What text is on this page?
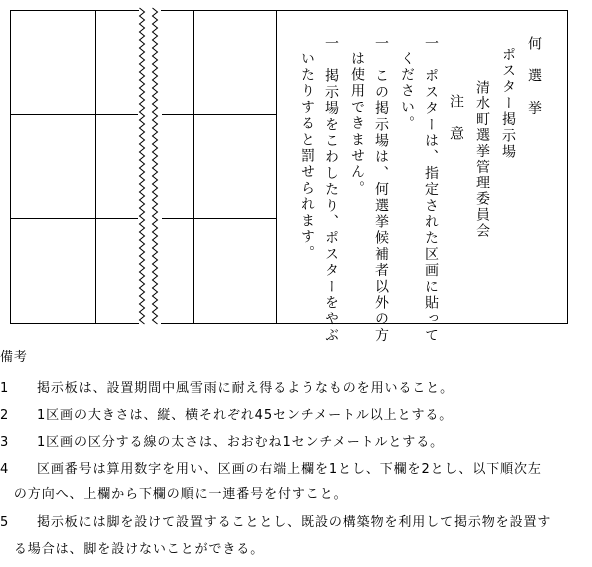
何　選　挙
ポスター掲示場
清水町選挙管理委員会
注　意
一　ポスターは、指定された区画に貼って
ください。
一　この掲示場は、何選挙候補者以外の方
は使用できません。
一　掲示場をこわしたり、ポスターをやぶ
いたりすると罰せられます。
備考
1　　掲示板は、設置期間中風雪雨に耐え得るようなものを用いること。
2　　1区画の大きさは、縦、横それぞれ45センチメートル以上とする。
3　　1区画の区分する線の太さは、おおむね1センチメートルとする。
4　　区画番号は算用数字を用い、区画の右端上欄を1とし、下欄を2とし、以下順次左
　の方向へ、上欄から下欄の順に一連番号を付すこと。
5　　掲示板には脚を設けて設置することとし、既設の構築物を利用して掲示物を設置す
　る場合は、脚を設けないことができる。
